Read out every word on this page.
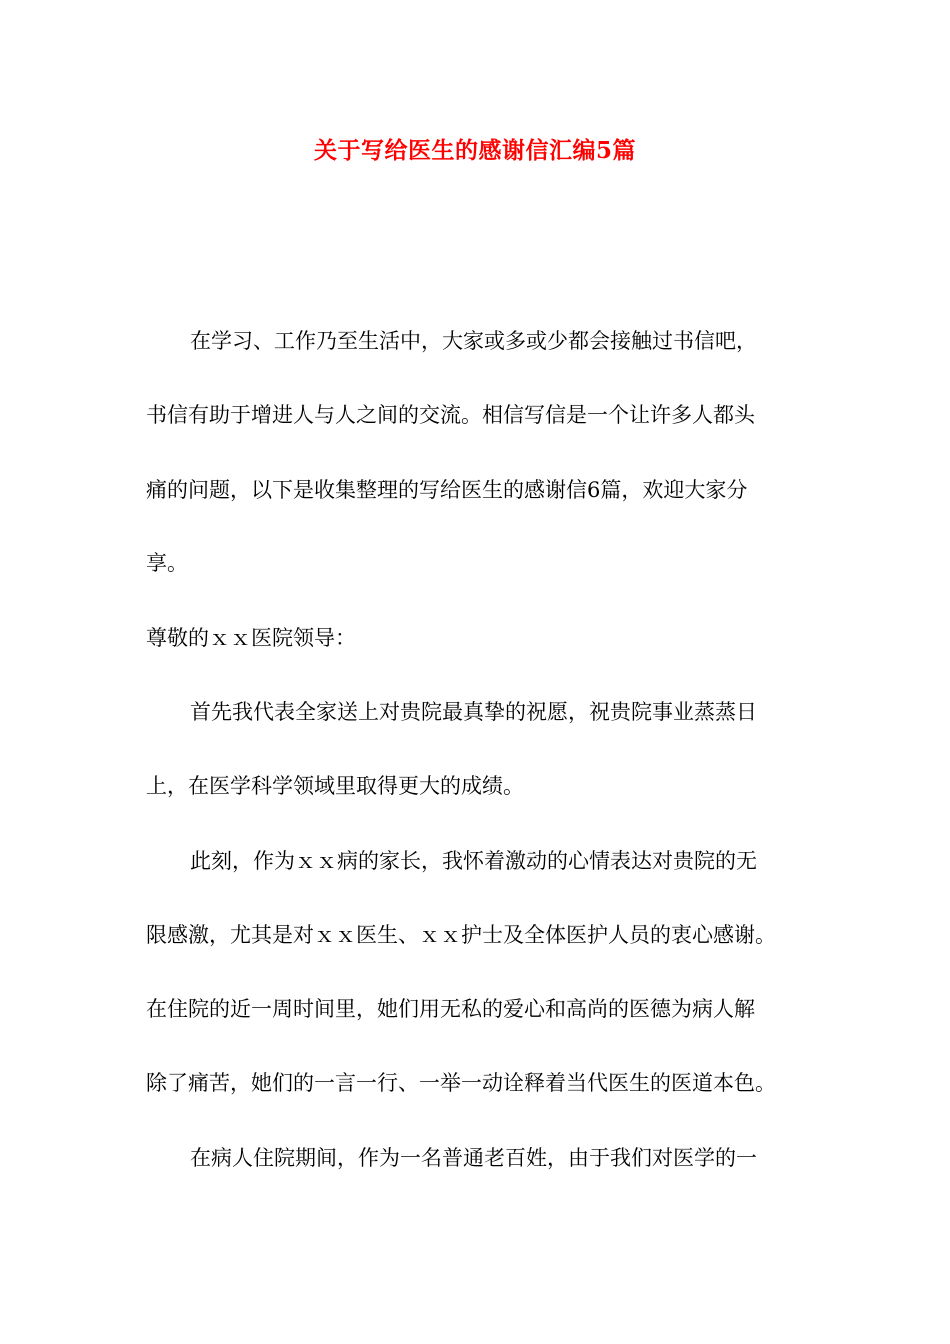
关于写给医生的感谢信汇编5篇

在学习、工作乃至生活中，大家或多或少都会接触过书信吧，

书信有助于增进人与人之间的交流。相信写信是一个让许多人都头

痛的问题，以下是收集整理的写给医生的感谢信6篇，欢迎大家分

享。

尊敬的ｘｘ医院领导：

首先我代表全家送上对贵院最真挚的祝愿，祝贵院事业蒸蒸日

上，在医学科学领域里取得更大的成绩。

此刻，作为ｘｘ病的家长，我怀着激动的心情表达对贵院的无

限感激，尤其是对ｘｘ医生、ｘｘ护士及全体医护人员的衷心感谢。

在住院的近一周时间里，她们用无私的爱心和高尚的医德为病人解

除了痛苦，她们的一言一行、一举一动诠释着当代医生的医道本色。

在病人住院期间，作为一名普通老百姓，由于我们对医学的一
